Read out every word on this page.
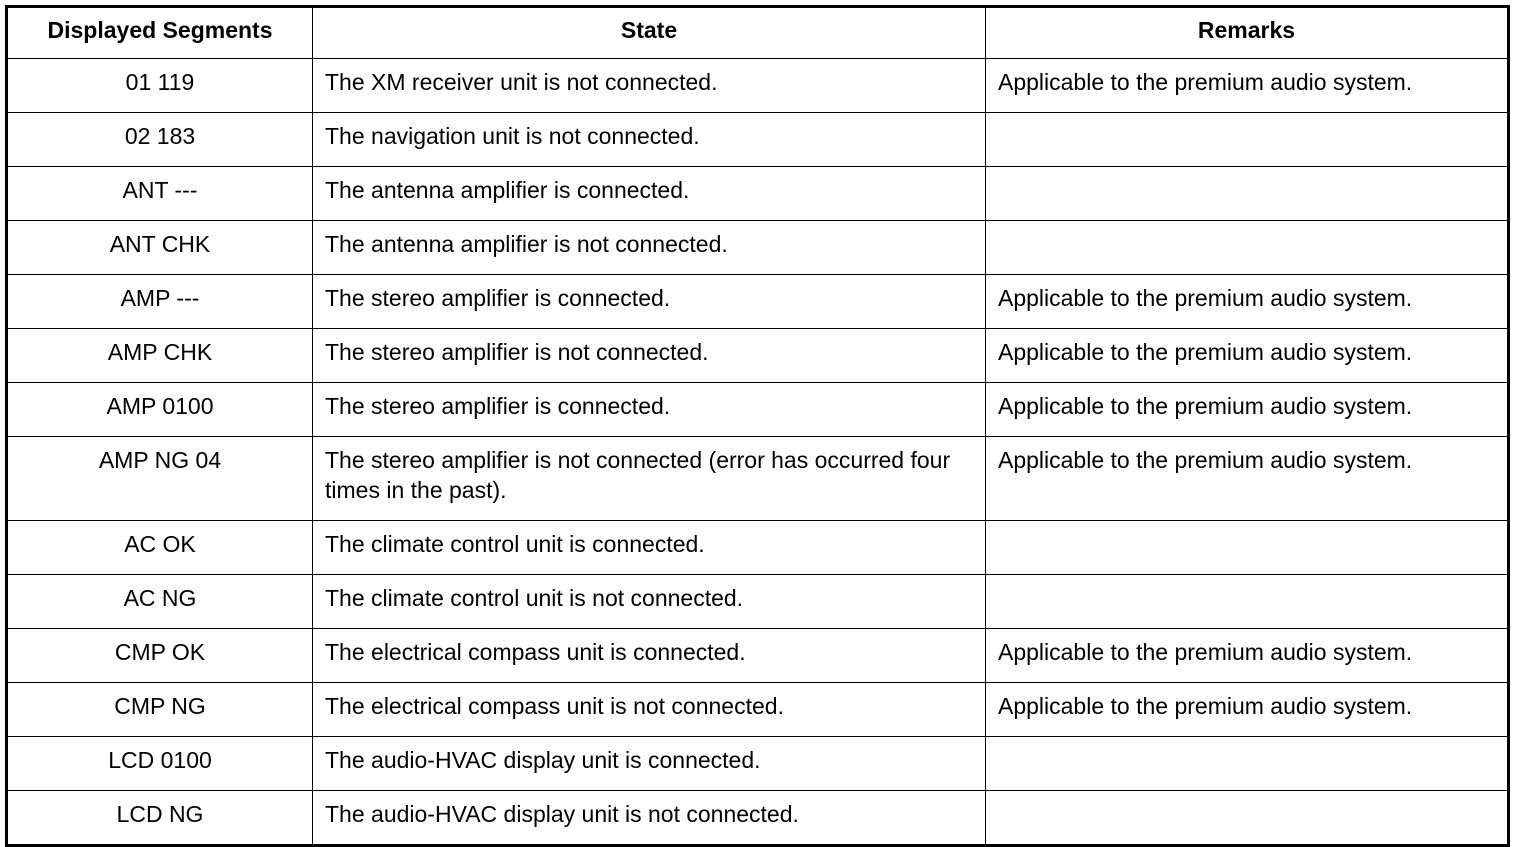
Displayed Segments	State	Remarks
01 119	The XM receiver unit is not connected.	Applicable to the premium audio system.
02 183	The navigation unit is not connected.	
ANT ---	The antenna amplifier is connected.	
ANT CHK	The antenna amplifier is not connected.	
AMP ---	The stereo amplifier is connected.	Applicable to the premium audio system.
AMP CHK	The stereo amplifier is not connected.	Applicable to the premium audio system.
AMP 0100	The stereo amplifier is connected.	Applicable to the premium audio system.
AMP NG 04	The stereo amplifier is not connected (error has occurred four times in the past).	Applicable to the premium audio system.
AC OK	The climate control unit is connected.	
AC NG	The climate control unit is not connected.	
CMP OK	The electrical compass unit is connected.	Applicable to the premium audio system.
CMP NG	The electrical compass unit is not connected.	Applicable to the premium audio system.
LCD 0100	The audio-HVAC display unit is connected.	
LCD NG	The audio-HVAC display unit is not connected.	
